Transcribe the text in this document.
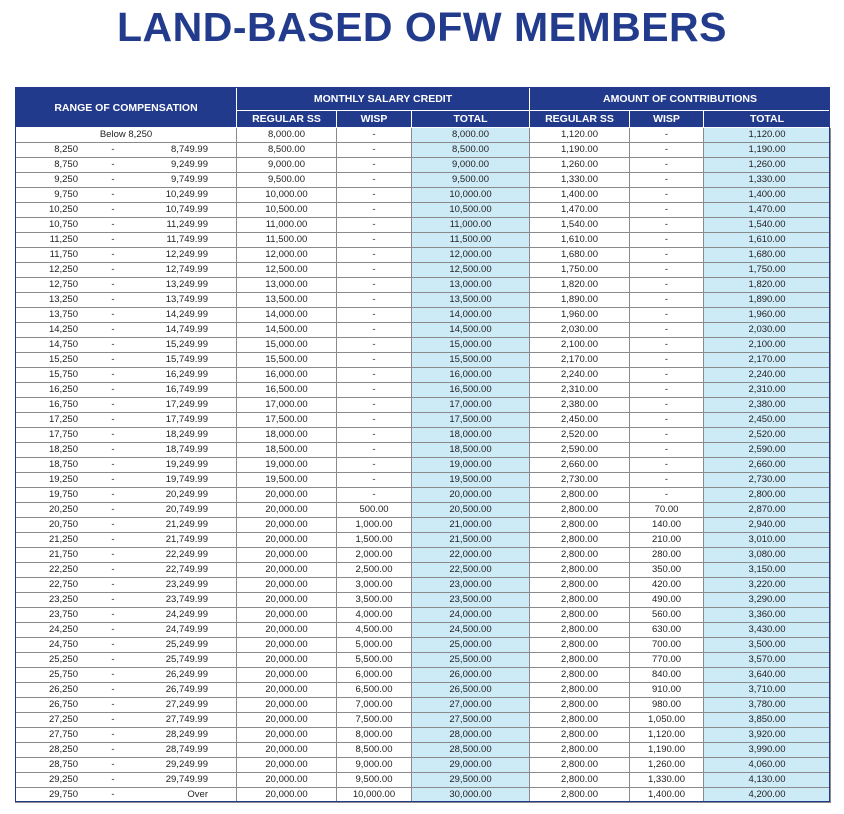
LAND-BASED OFW MEMBERS
RANGE OF COMPENSATION	MONTHLY SALARY CREDIT			AMOUNT OF CONTRIBUTIONS		
	REGULAR SS	WISP	TOTAL	REGULAR SS	WISP	TOTAL

Below 8,250	8,000.00	-	8,000.00	1,120.00	-	1,120.00

8,250 - 8,749.99	8,500.00	-	8,500.00	1,190.00	-	1,190.00

8,750 - 9,249.99	9,000.00	-	9,000.00	1,260.00	-	1,260.00

9,250 - 9,749.99	9,500.00	-	9,500.00	1,330.00	-	1,330.00

9,750 - 10,249.99	10,000.00	-	10,000.00	1,400.00	-	1,400.00

10,250 - 10,749.99	10,500.00	-	10,500.00	1,470.00	-	1,470.00

10,750 - 11,249.99	11,000.00	-	11,000.00	1,540.00	-	1,540.00

11,250 - 11,749.99	11,500.00	-	11,500.00	1,610.00	-	1,610.00

11,750 - 12,249.99	12,000.00	-	12,000.00	1,680.00	-	1,680.00

12,250 - 12,749.99	12,500.00	-	12,500.00	1,750.00	-	1,750.00

12,750 - 13,249.99	13,000.00	-	13,000.00	1,820.00	-	1,820.00

13,250 - 13,749.99	13,500.00	-	13,500.00	1,890.00	-	1,890.00

13,750 - 14,249.99	14,000.00	-	14,000.00	1,960.00	-	1,960.00

14,250 - 14,749.99	14,500.00	-	14,500.00	2,030.00	-	2,030.00

14,750 - 15,249.99	15,000.00	-	15,000.00	2,100.00	-	2,100.00

15,250 - 15,749.99	15,500.00	-	15,500.00	2,170.00	-	2,170.00

15,750 - 16,249.99	16,000.00	-	16,000.00	2,240.00	-	2,240.00

16,250 - 16,749.99	16,500.00	-	16,500.00	2,310.00	-	2,310.00

16,750 - 17,249.99	17,000.00	-	17,000.00	2,380.00	-	2,380.00

17,250 - 17,749.99	17,500.00	-	17,500.00	2,450.00	-	2,450.00

17,750 - 18,249.99	18,000.00	-	18,000.00	2,520.00	-	2,520.00

18,250 - 18,749.99	18,500.00	-	18,500.00	2,590.00	-	2,590.00

18,750 - 19,249.99	19,000.00	-	19,000.00	2,660.00	-	2,660.00

19,250 - 19,749.99	19,500.00	-	19,500.00	2,730.00	-	2,730.00

19,750 - 20,249.99	20,000.00	-	20,000.00	2,800.00	-	2,800.00

20,250 - 20,749.99	20,000.00	500.00	20,500.00	2,800.00	70.00	2,870.00

20,750 - 21,249.99	20,000.00	1,000.00	21,000.00	2,800.00	140.00	2,940.00

21,250 - 21,749.99	20,000.00	1,500.00	21,500.00	2,800.00	210.00	3,010.00

21,750 - 22,249.99	20,000.00	2,000.00	22,000.00	2,800.00	280.00	3,080.00

22,250 - 22,749.99	20,000.00	2,500.00	22,500.00	2,800.00	350.00	3,150.00

22,750 - 23,249.99	20,000.00	3,000.00	23,000.00	2,800.00	420.00	3,220.00

23,250 - 23,749.99	20,000.00	3,500.00	23,500.00	2,800.00	490.00	3,290.00

23,750 - 24,249.99	20,000.00	4,000.00	24,000.00	2,800.00	560.00	3,360.00

24,250 - 24,749.99	20,000.00	4,500.00	24,500.00	2,800.00	630.00	3,430.00

24,750 - 25,249.99	20,000.00	5,000.00	25,000.00	2,800.00	700.00	3,500.00

25,250 - 25,749.99	20,000.00	5,500.00	25,500.00	2,800.00	770.00	3,570.00

25,750 - 26,249.99	20,000.00	6,000.00	26,000.00	2,800.00	840.00	3,640.00

26,250 - 26,749.99	20,000.00	6,500.00	26,500.00	2,800.00	910.00	3,710.00

26,750 - 27,249.99	20,000.00	7,000.00	27,000.00	2,800.00	980.00	3,780.00

27,250 - 27,749.99	20,000.00	7,500.00	27,500.00	2,800.00	1,050.00	3,850.00

27,750 - 28,249.99	20,000.00	8,000.00	28,000.00	2,800.00	1,120.00	3,920.00

28,250 - 28,749.99	20,000.00	8,500.00	28,500.00	2,800.00	1,190.00	3,990.00

28,750 - 29,249.99	20,000.00	9,000.00	29,000.00	2,800.00	1,260.00	4,060.00

29,250 - 29,749.99	20,000.00	9,500.00	29,500.00	2,800.00	1,330.00	4,130.00

29,750 - Over	20,000.00	10,000.00	30,000.00	2,800.00	1,400.00	4,200.00
